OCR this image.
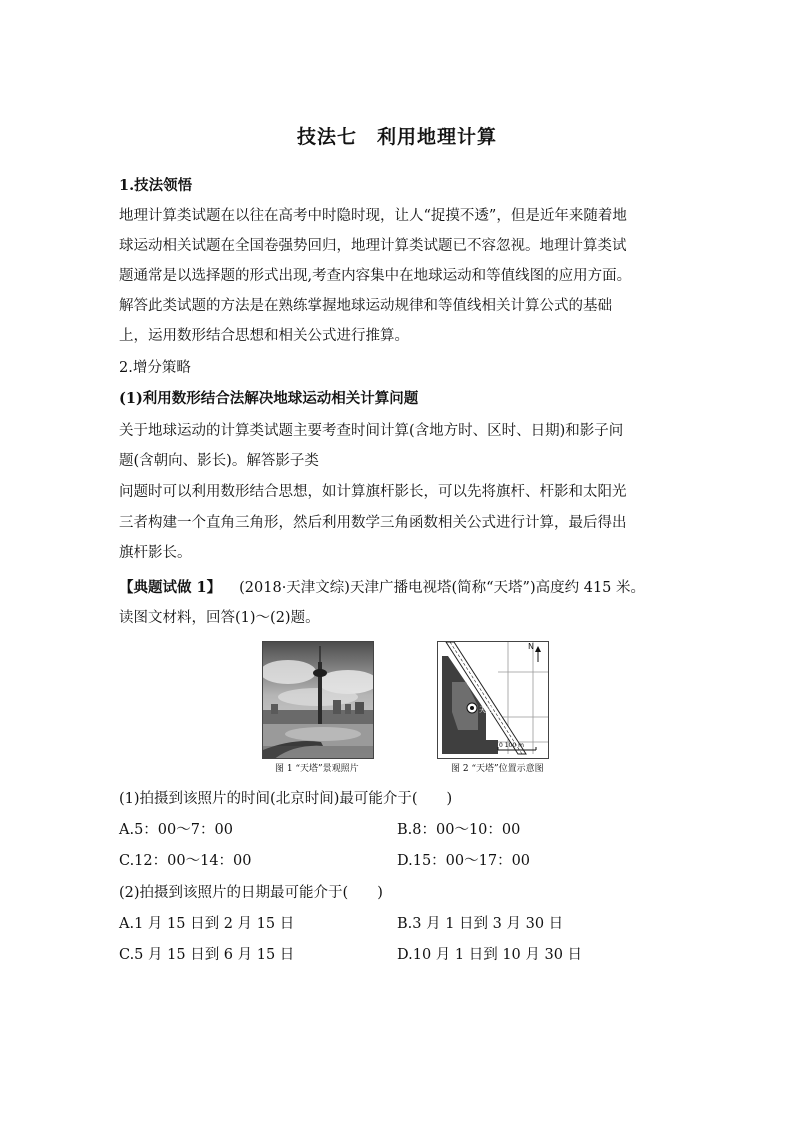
技法七　利用地理计算

1.技法领悟

地理计算类试题在以往在高考中时隐时现，让人“捉摸不透”，但是近年来随着地

球运动相关试题在全国卷强势回归，地理计算类试题已不容忽视。地理计算类试

题通常是以选择题的形式出现,考查内容集中在地球运动和等值线图的应用方面。

解答此类试题的方法是在熟练掌握地球运动规律和等值线相关计算公式的基础

上，运用数形结合思想和相关公式进行推算。

2.增分策略

(1)利用数形结合法解决地球运动相关计算问题

关于地球运动的计算类试题主要考查时间计算(含地方时、区时、日期)和影子问

题(含朝向、影长)。解答影子类

问题时可以利用数形结合思想，如计算旗杆影长，可以先将旗杆、杆影和太阳光

三者构建一个直角三角形，然后利用数学三角函数相关公式进行计算，最后得出

旗杆影长。

【典题试做 1】 (2018·天津文综)天津广播电视塔(简称“天塔”)高度约 415 米。

读图文材料，回答(1)～(2)题。

图 1 “天塔”景观照片
N
天塔
0 100 m
图 2 “天塔”位置示意图

(1)拍摄到该照片的时间(北京时间)最可能介于(　　)

A.5：00～7：00	B.8：00～10：00
C.12：00～14：00	D.15：00～17：00

(2)拍摄到该照片的日期最可能介于(　　)

A.1 月 15 日到 2 月 15 日	B.3 月 1 日到 3 月 30 日
C.5 月 15 日到 6 月 15 日	D.10 月 1 日到 10 月 30 日
